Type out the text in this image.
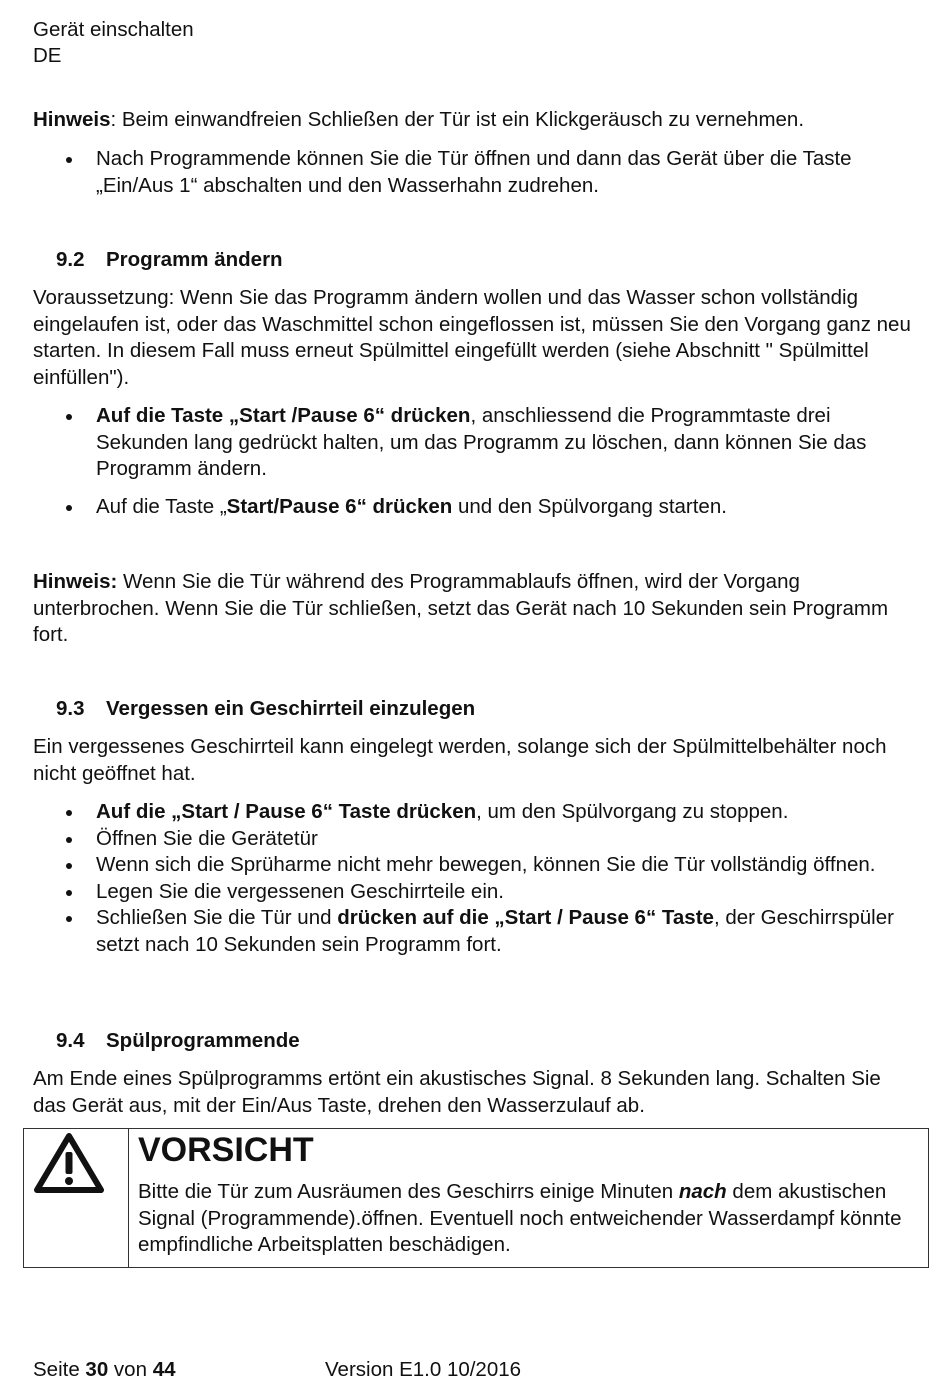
Gerät einschalten
DE

Hinweis: Beim einwandfreien Schließen der Tür ist ein Klickgeräusch zu vernehmen.

Nach Programmende können Sie die Tür öffnen und dann das Gerät über die Taste „Ein/Aus 1“ abschalten und den Wasserhahn zudrehen.
9.2 Programm ändern

Voraussetzung: Wenn Sie das Programm ändern wollen und das Wasser schon vollständig eingelaufen ist, oder das Waschmittel schon eingeflossen ist, müssen Sie den Vorgang ganz neu starten. In diesem Fall muss erneut Spülmittel eingefüllt werden (siehe Abschnitt " Spülmittel einfüllen").

Auf die Taste „Start /Pause 6“ drücken, anschliessend die Programmtaste drei Sekunden lang gedrückt halten, um das Programm zu löschen, dann können Sie das Programm ändern.
Auf die Taste „Start/Pause 6“ drücken und den Spülvorgang starten.

Hinweis: Wenn Sie die Tür während des Programmablaufs öffnen, wird der Vorgang unterbrochen. Wenn Sie die Tür schließen, setzt das Gerät nach 10 Sekunden sein Programm fort.

9.3 Vergessen ein Geschirrteil einzulegen

Ein vergessenes Geschirrteil kann eingelegt werden, solange sich der Spülmittelbehälter noch nicht geöffnet hat.

Auf die „Start / Pause 6“ Taste drücken, um den Spülvorgang zu stoppen.
Öffnen Sie die Gerätetür
Wenn sich die Sprüharme nicht mehr bewegen, können Sie die Tür vollständig öffnen.
Legen Sie die vergessenen Geschirrteile ein.
Schließen Sie die Tür und drücken auf die „Start / Pause 6“ Taste, der Geschirrspüler setzt nach 10 Sekunden sein Programm fort.
9.4 Spülprogrammende

Am Ende eines Spülprogramms ertönt ein akustisches Signal. 8 Sekunden lang. Schalten Sie das Gerät aus, mit der Ein/Aus Taste, drehen den Wasserzulauf ab.

VORSICHT
Bitte die Tür zum Ausräumen des Geschirrs einige Minuten nach dem akustischen Signal (Programmende).öffnen. Eventuell noch entweichender Wasserdampf könnte empfindliche Arbeitsplatten beschädigen.
Seite 30 von 44	Version E1.0 10/2016
